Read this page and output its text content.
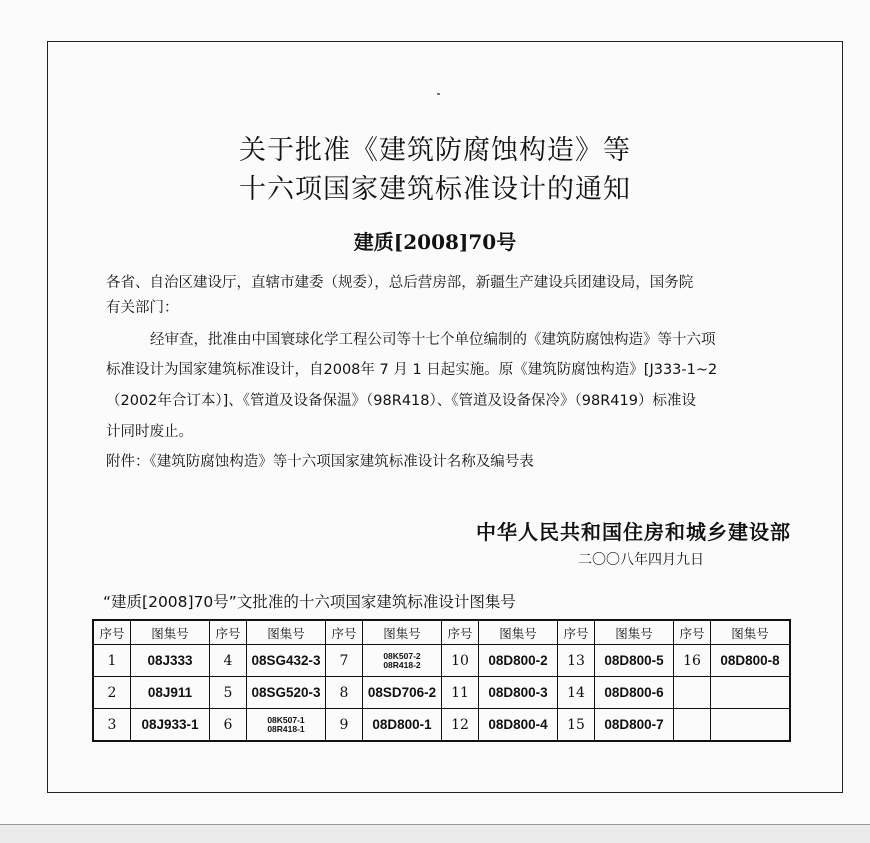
关于批准《建筑防腐蚀构造》等
十六项国家建筑标准设计的通知
建质[2008]70号
各省、自治区建设厅，直辖市建委（规委），总后营房部，新疆生产建设兵团建设局，国务院
有关部门：
经审查，批准由中国寰球化学工程公司等十七个单位编制的《建筑防腐蚀构造》等十六项
标准设计为国家建筑标准设计，自2008年 7 月 1 日起实施。原《建筑防腐蚀构造》[J333-1~2
（2002年合订本）]、《管道及设备保温》（98R418）、《管道及设备保冷》（98R419）标准设
计同时废止。
附件：《建筑防腐蚀构造》等十六项国家建筑标准设计名称及编号表
中华人民共和国住房和城乡建设部
二〇〇八年四月九日
“建质[2008]70号”文批准的十六项国家建筑标准设计图集号
序号	图集号	序号	图集号	序号	图集号	序号	图集号	序号	图集号	序号	图集号
1	08J333	4	08SG432-3	7	08K507-2
08R418-2	10	08D800-2	13	08D800-5	16	08D800-8
2	08J911	5	08SG520-3	8	08SD706-2	11	08D800-3	14	08D800-6		
3	08J933-1	6	08K507-1
08R418-1	9	08D800-1	12	08D800-4	15	08D800-7		
